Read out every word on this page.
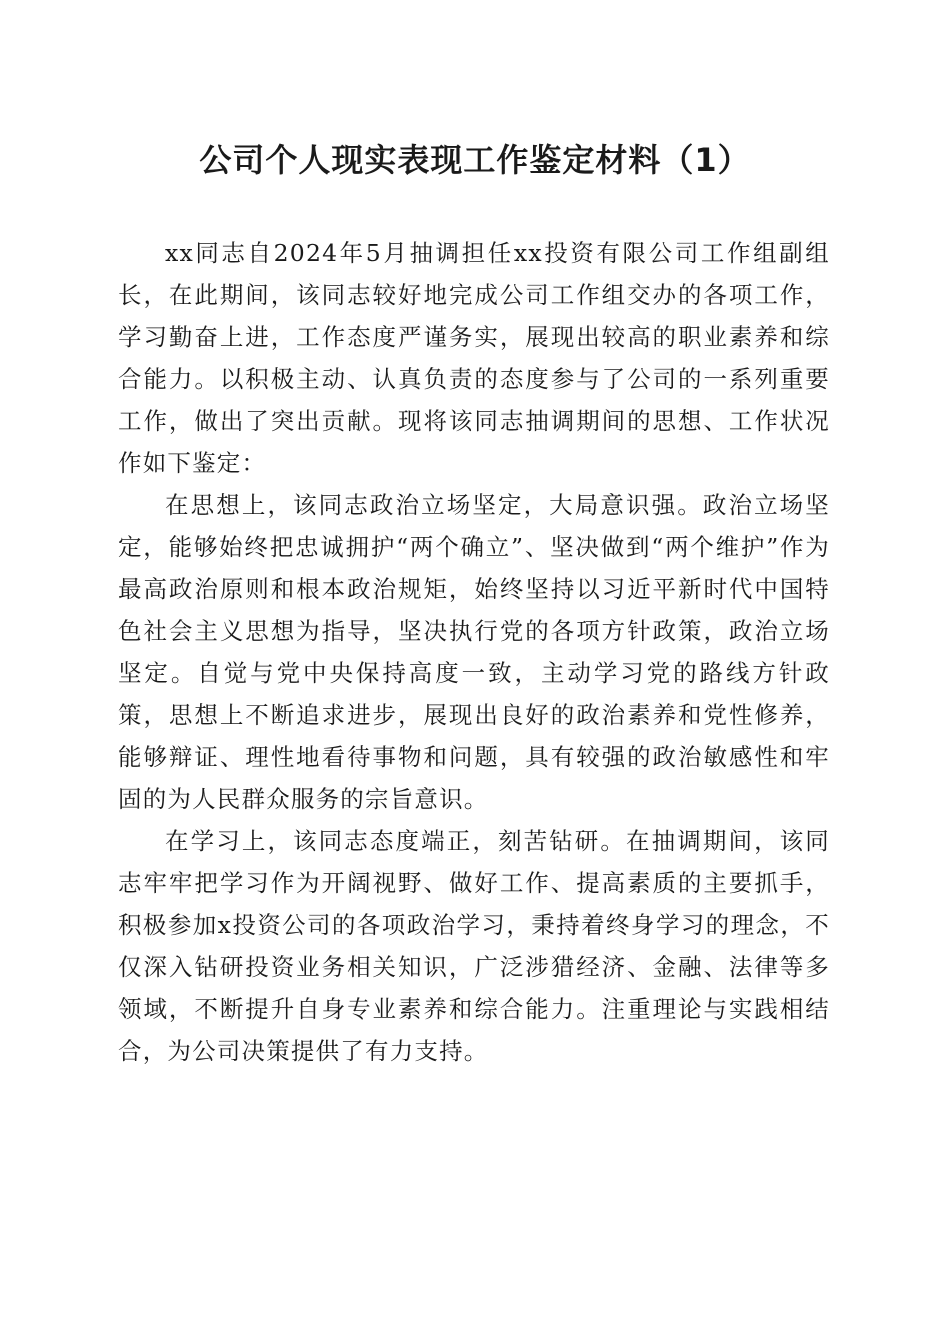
公司个人现实表现工作鉴定材料（1）

xx同志自2024年5月抽调担任xx投资有限公司工作组副组长，在此期间，该同志较好地完成公司工作组交办的各项工作，学习勤奋上进，工作态度严谨务实，展现出较高的职业素养和综合能力。以积极主动、认真负责的态度参与了公司的一系列重要工作，做出了突出贡献。现将该同志抽调期间的思想、工作状况作如下鉴定：

在思想上，该同志政治立场坚定，大局意识强。政治立场坚定，能够始终把忠诚拥护“两个确立”、坚决做到“两个维护”作为最高政治原则和根本政治规矩，始终坚持以习近平新时代中国特色社会主义思想为指导，坚决执行党的各项方针政策，政治立场坚定。自觉与党中央保持高度一致，主动学习党的路线方针政策，思想上不断追求进步，展现出良好的政治素养和党性修养，能够辩证、理性地看待事物和问题，具有较强的政治敏感性和牢固的为人民群众服务的宗旨意识。

在学习上，该同志态度端正，刻苦钻研。在抽调期间，该同志牢牢把学习作为开阔视野、做好工作、提高素质的主要抓手，积极参加x投资公司的各项政治学习，秉持着终身学习的理念，不仅深入钻研投资业务相关知识，广泛涉猎经济、金融、法律等多领域，不断提升自身专业素养和综合能力。注重理论与实践相结合，为公司决策提供了有力支持。
